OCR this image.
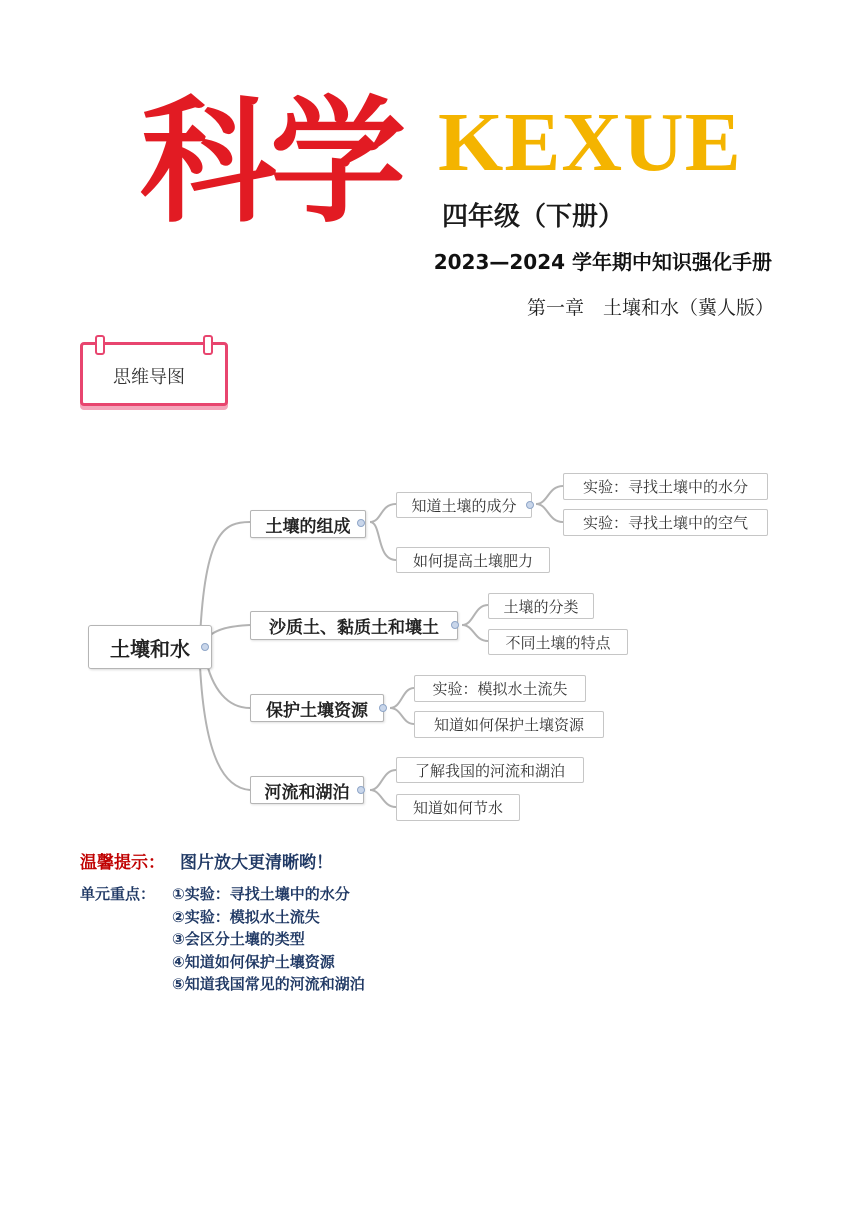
科学 KEXUE
四年级（下册）
2023—2024 学年期中知识强化手册
第一章　土壤和水（冀人版）
思维导图
土壤和水
土壤的组成
知道土壤的成分
实验：寻找土壤中的水分
实验：寻找土壤中的空气
如何提高土壤肥力
沙质土、黏质土和壤土
土壤的分类
不同土壤的特点
保护土壤资源
实验：模拟水土流失
知道如何保护土壤资源
河流和湖泊
了解我国的河流和湖泊
知道如何节水
温馨提示： 图片放大更清晰哟！
单元重点： ①实验：寻找土壤中的水分
②实验：模拟水土流失
③会区分土壤的类型
④知道如何保护土壤资源
⑤知道我国常见的河流和湖泊
